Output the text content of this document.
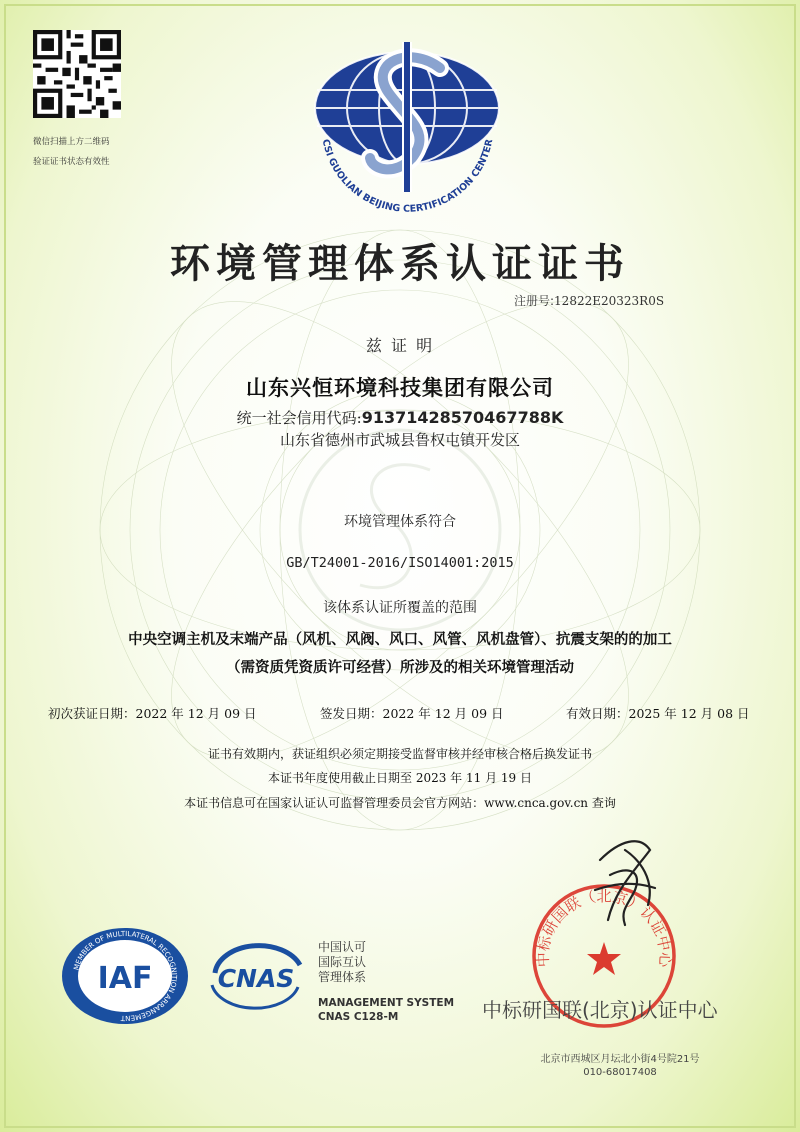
微信扫描上方二维码
验证证书状态有效性
CSI GUOLIAN BEIJING CERTIFICATION CENTER
环境管理体系认证证书
注册号:12822E20323R0S
兹 证 明
山东兴恒环境科技集团有限公司
统一社会信用代码:91371428570467788K
山东省德州市武城县鲁权屯镇开发区
环境管理体系符合
GB/T24001-2016/ISO14001:2015
该体系认证所覆盖的范围
中央空调主机及末端产品（风机、风阀、风口、风管、风机盘管）、抗震支架的的加工
（需资质凭资质许可经营）所涉及的相关环境管理活动
初次获证日期：2022 年 12 月 09 日	签发日期：2022 年 12 月 09 日	有效日期：2025 年 12 月 08 日
证书有效期内，获证组织必须定期接受监督审核并经审核合格后换发证书
本证书年度使用截止日期至 2023 年 11 月 19 日
本证书信息可在国家认证认可监督管理委员会官方网站：www.cnca.gov.cn 查询
MEMBER OF MULTILATERAL RECOGNITION ARRANGEMENT
IAF	CNAS
中国认可
国际互认
管理体系
MANAGEMENT SYSTEM
CNAS C128-M
中标研国联（北京）认证中心
中标研国联(北京)认证中心
北京市西城区月坛北小街4号院21号
010-68017408
